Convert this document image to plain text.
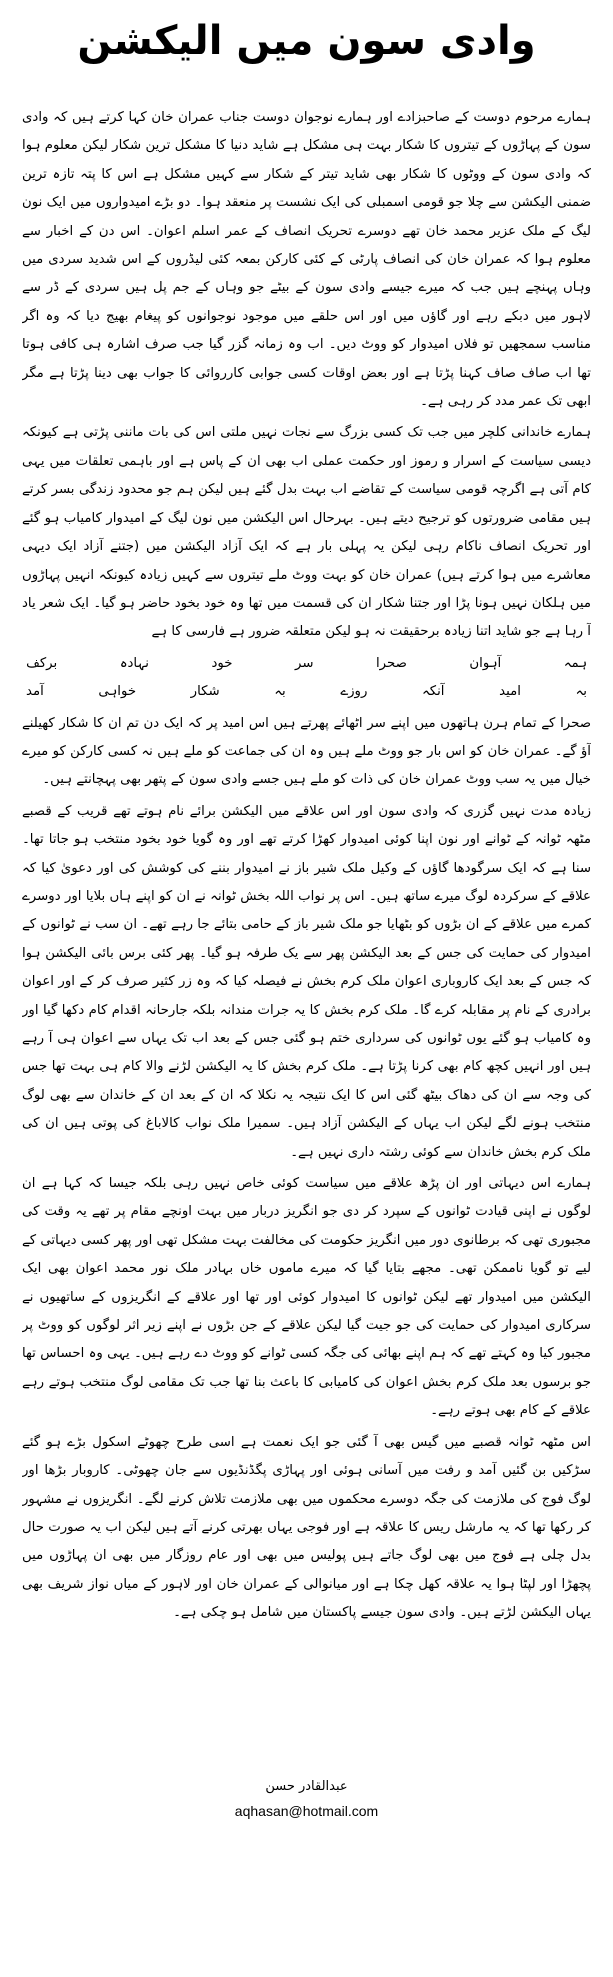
وادی سون میں الیکشن

ہمارے مرحوم دوست کے صاحبزادے اور ہمارے نوجوان دوست جناب عمران خان کہا کرتے ہیں کہ وادی سون کے پہاڑوں کے تیتروں کا شکار بہت ہی مشکل ہے شاید دنیا کا مشکل ترین شکار لیکن معلوم ہوا کہ وادی سون کے ووٹوں کا شکار بھی شاید تیتر کے شکار سے کہیں مشکل ہے اس کا پتہ تازہ ترین ضمنی الیکشن سے چلا جو قومی اسمبلی کی ایک نشست پر منعقد ہوا۔ دو بڑے امیدواروں میں ایک نون لیگ کے ملک عزیر محمد خان تھے دوسرے تحریک انصاف کے عمر اسلم اعوان۔ اس دن کے اخبار سے معلوم ہوا کہ عمران خان کی انصاف پارٹی کے کئی کارکن بمعہ کئی لیڈروں کے اس شدید سردی میں وہاں پہنچے ہیں جب کہ میرے جیسے وادی سون کے بیٹے جو وہاں کے جم پل ہیں سردی کے ڈر سے لاہور میں دبکے رہے اور گاؤں میں اور اس حلقے میں موجود نوجوانوں کو پیغام بھیج دیا کہ وہ اگر مناسب سمجھیں تو فلاں امیدوار کو ووٹ دیں۔ اب وہ زمانہ گزر گیا جب صرف اشارہ ہی کافی ہوتا تھا اب صاف صاف کہنا پڑتا ہے اور بعض اوقات کسی جوابی کارروائی کا جواب بھی دینا پڑتا ہے مگر ابھی تک عمر مدد کر رہی ہے۔

ہمارے خاندانی کلچر میں جب تک کسی بزرگ سے نجات نہیں ملتی اس کی بات ماننی پڑتی ہے کیونکہ دیسی سیاست کے اسرار و رموز اور حکمت عملی اب بھی ان کے پاس ہے اور باہمی تعلقات میں یہی کام آتی ہے اگرچہ قومی سیاست کے تقاضے اب بہت بدل گئے ہیں لیکن ہم جو محدود زندگی بسر کرتے ہیں مقامی ضرورتوں کو ترجیح دیتے ہیں۔ بہرحال اس الیکشن میں نون لیگ کے امیدوار کامیاب ہو گئے اور تحریک انصاف ناکام رہی لیکن یہ پہلی بار ہے کہ ایک آزاد الیکشن میں (جتنے آزاد ایک دیہی معاشرے میں ہوا کرتے ہیں) عمران خان کو بہت ووٹ ملے تیتروں سے کہیں زیادہ کیونکہ انہیں پہاڑوں میں ہلکان نہیں ہونا پڑا اور جتنا شکار ان کی قسمت میں تھا وہ خود بخود حاضر ہو گیا۔ ایک شعر یاد آ رہا ہے جو شاید اتنا زیادہ برحقیقت نہ ہو لیکن متعلقہ ضرور ہے فارسی کا ہے

ہمہ
آہوان
صحرا
سر
خود
نہادہ
برکف
بہ
امید
آنکہ
روزے
بہ
شکار
خواہی
آمد

صحرا کے تمام ہرن ہاتھوں میں اپنے سر اٹھائے پھرتے ہیں اس امید پر کہ ایک دن تم ان کا شکار کھیلنے آؤ گے۔ عمران خان کو اس بار جو ووٹ ملے ہیں وہ ان کی جماعت کو ملے ہیں نہ کسی کارکن کو میرے خیال میں یہ سب ووٹ عمران خان کی ذات کو ملے ہیں جسے وادی سون کے پتھر بھی پہچانتے ہیں۔

زیادہ مدت نہیں گزری کہ وادی سون اور اس علاقے میں الیکشن برائے نام ہوتے تھے قریب کے قصبے مٹھہ ٹوانہ کے ٹوانے اور نون اپنا کوئی امیدوار کھڑا کرتے تھے اور وہ گویا خود بخود منتخب ہو جاتا تھا۔ سنا ہے کہ ایک سرگودھا گاؤں کے وکیل ملک شیر باز نے امیدوار بننے کی کوشش کی اور دعویٰ کیا کہ علاقے کے سرکردہ لوگ میرے ساتھ ہیں۔ اس پر نواب اللہ بخش ٹوانہ نے ان کو اپنے ہاں بلایا اور دوسرے کمرے میں علاقے کے ان بڑوں کو بٹھایا جو ملک شیر باز کے حامی بتائے جا رہے تھے۔ ان سب نے ٹوانوں کے امیدوار کی حمایت کی جس کے بعد الیکشن پھر سے یک طرفہ ہو گیا۔ پھر کئی برس بائی الیکشن ہوا کہ جس کے بعد ایک کاروباری اعوان ملک کرم بخش نے فیصلہ کیا کہ وہ زر کثیر صرف کر کے اور اعوان برادری کے نام پر مقابلہ کرے گا۔ ملک کرم بخش کا یہ جرات مندانہ بلکہ جارحانہ اقدام کام دکھا گیا اور وہ کامیاب ہو گئے یوں ٹوانوں کی سرداری ختم ہو گئی جس کے بعد اب تک یہاں سے اعوان ہی آ رہے ہیں اور انہیں کچھ کام بھی کرنا پڑتا ہے۔ ملک کرم بخش کا یہ الیکشن لڑنے والا کام ہی بہت تھا جس کی وجہ سے ان کی دھاک بیٹھ گئی اس کا ایک نتیجہ یہ نکلا کہ ان کے بعد ان کے خاندان سے بھی لوگ منتخب ہونے لگے لیکن اب یہاں کے الیکشن آزاد ہیں۔ سمیرا ملک نواب کالاباغ کی پوتی ہیں ان کی ملک کرم بخش خاندان سے کوئی رشتہ داری نہیں ہے۔

ہمارے اس دیہاتی اور ان پڑھ علاقے میں سیاست کوئی خاص نہیں رہی بلکہ جیسا کہ کہا ہے ان لوگوں نے اپنی قیادت ٹوانوں کے سپرد کر دی جو انگریز دربار میں بہت اونچے مقام پر تھے یہ وقت کی مجبوری تھی کہ برطانوی دور میں انگریز حکومت کی مخالفت بہت مشکل تھی اور پھر کسی دیہاتی کے لیے تو گویا ناممکن تھی۔ مجھے بتایا گیا کہ میرے ماموں خاں بہادر ملک نور محمد اعوان بھی ایک الیکشن میں امیدوار تھے لیکن ٹوانوں کا امیدوار کوئی اور تھا اور علاقے کے انگریزوں کے ساتھیوں نے سرکاری امیدوار کی حمایت کی جو جیت گیا لیکن علاقے کے جن بڑوں نے اپنے زیر اثر لوگوں کو ووٹ پر مجبور کیا وہ کہتے تھے کہ ہم اپنے بھائی کی جگہ کسی ٹوانے کو ووٹ دے رہے ہیں۔ یہی وہ احساس تھا جو برسوں بعد ملک کرم بخش اعوان کی کامیابی کا باعث بنا تھا جب تک مقامی لوگ منتخب ہوتے رہے علاقے کے کام بھی ہوتے رہے۔

اس مٹھہ ٹوانہ قصبے میں گیس بھی آ گئی جو ایک نعمت ہے اسی طرح چھوٹے اسکول بڑے ہو گئے سڑکیں بن گئیں آمد و رفت میں آسانی ہوئی اور پہاڑی پگڈنڈیوں سے جان چھوٹی۔ کاروبار بڑھا اور لوگ فوج کی ملازمت کی جگہ دوسرے محکموں میں بھی ملازمت تلاش کرنے لگے۔ انگریزوں نے مشہور کر رکھا تھا کہ یہ مارشل ریس کا علاقہ ہے اور فوجی یہاں بھرتی کرنے آتے ہیں لیکن اب یہ صورت حال بدل چلی ہے فوج میں بھی لوگ جاتے ہیں پولیس میں بھی اور عام روزگار میں بھی ان پہاڑوں میں پچھڑا اور لپٹا ہوا یہ علاقہ کھل چکا ہے اور میانوالی کے عمران خان اور لاہور کے میاں نواز شریف بھی یہاں الیکشن لڑتے ہیں۔ وادی سون جیسے پاکستان میں شامل ہو چکی ہے۔

عبدالقادر حسن
aqhasan@hotmail.com
